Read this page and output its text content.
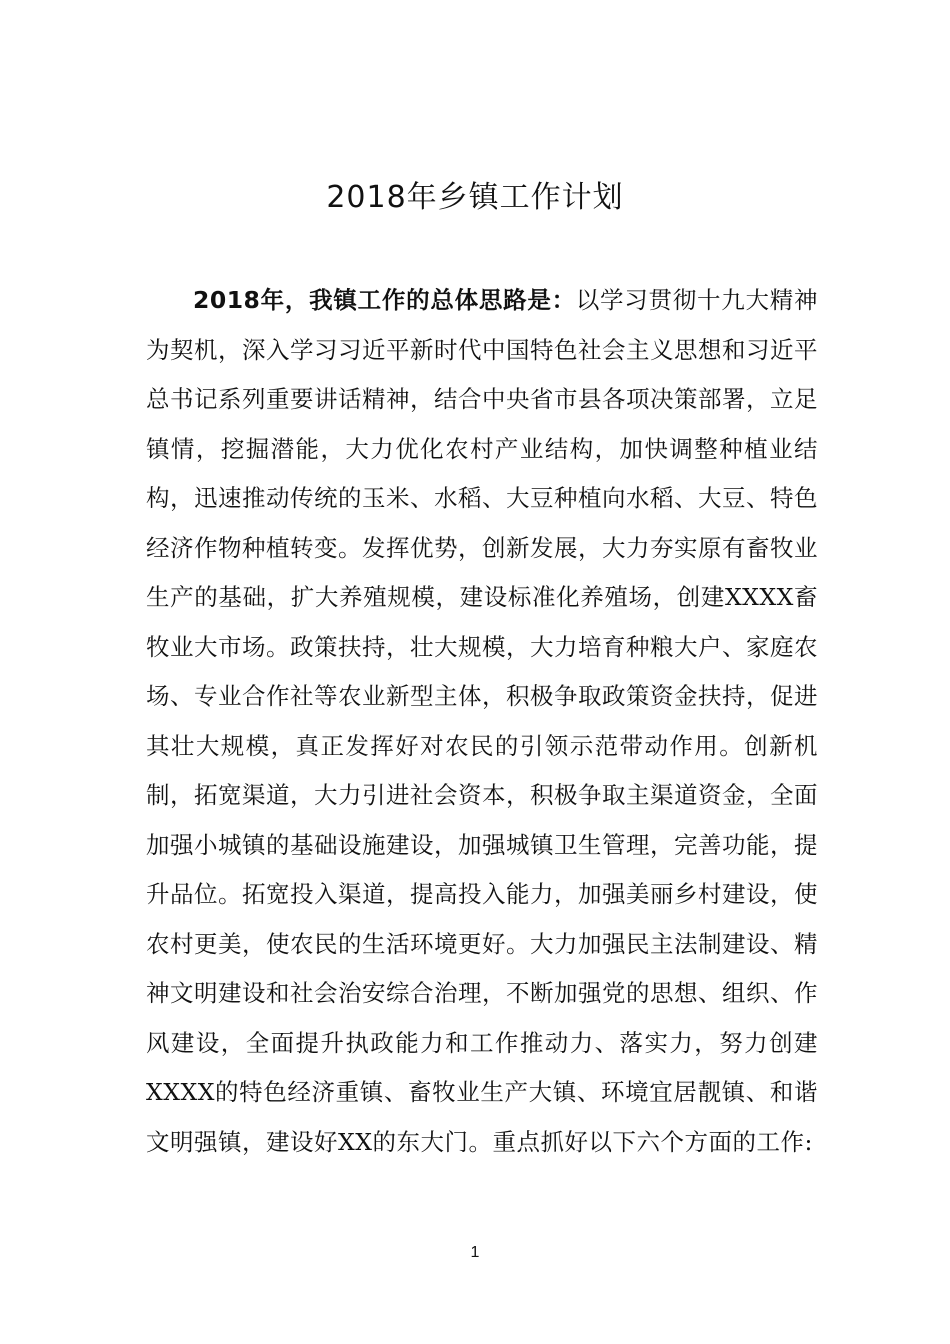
2018年乡镇工作计划

2018年，我镇工作的总体思路是：以学习贯彻十九大精神为契机，深入学习习近平新时代中国特色社会主义思想和习近平总书记系列重要讲话精神，结合中央省市县各项决策部署，立足镇情，挖掘潜能，大力优化农村产业结构，加快调整种植业结构，迅速推动传统的玉米、水稻、大豆种植向水稻、大豆、特色经济作物种植转变。发挥优势，创新发展，大力夯实原有畜牧业生产的基础，扩大养殖规模，建设标准化养殖场，创建XXXX畜牧业大市场。政策扶持，壮大规模，大力培育种粮大户、家庭农场、专业合作社等农业新型主体，积极争取政策资金扶持，促进其壮大规模，真正发挥好对农民的引领示范带动作用。创新机制，拓宽渠道，大力引进社会资本，积极争取主渠道资金，全面加强小城镇的基础设施建设，加强城镇卫生管理，完善功能，提升品位。拓宽投入渠道，提高投入能力，加强美丽乡村建设，使农村更美，使农民的生活环境更好。大力加强民主法制建设、精神文明建设和社会治安综合治理，不断加强党的思想、组织、作风建设，全面提升执政能力和工作推动力、落实力，努力创建XXXX的特色经济重镇、畜牧业生产大镇、环境宜居靓镇、和谐文明强镇，建设好XX的东大门。重点抓好以下六个方面的工作:

1
